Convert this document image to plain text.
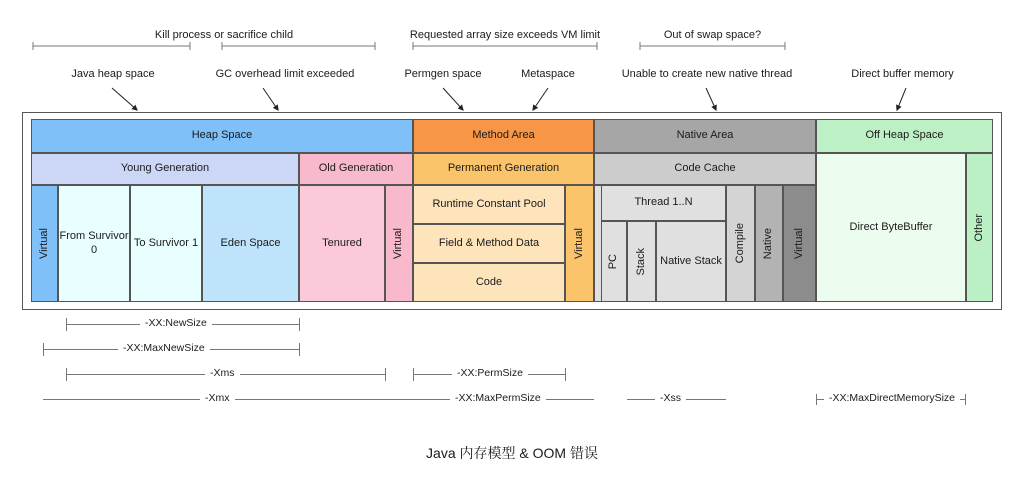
Kill process or sacrifice child	Requested array size exceeds VM limit	Out of swap space?
Java heap space	GC overhead limit exceeded	Permgen space	Metaspace	Unable to create new native thread	Direct buffer memory
Heap Space	Method Area	Native Area	Off Heap Space
Young Generation	Old Generation	Permanent Generation	Code Cache
Virtual From Survivor 0
To Survivor 1 Eden Space	Tenured	Virtual
Runtime Constant Pool
Field & Method Data
Code
Virtual
Thread 1..N
PC Stack Native Stack Compile Native Virtual
Direct ByteBuffer	Other
-XX:NewSize
-XX:MaxNewSize
-Xms	-XX:PermSize
-Xmx	-XX:MaxPermSize	-Xss	-XX:MaxDirectMemorySize
Java 内存模型 & OOM 错误
